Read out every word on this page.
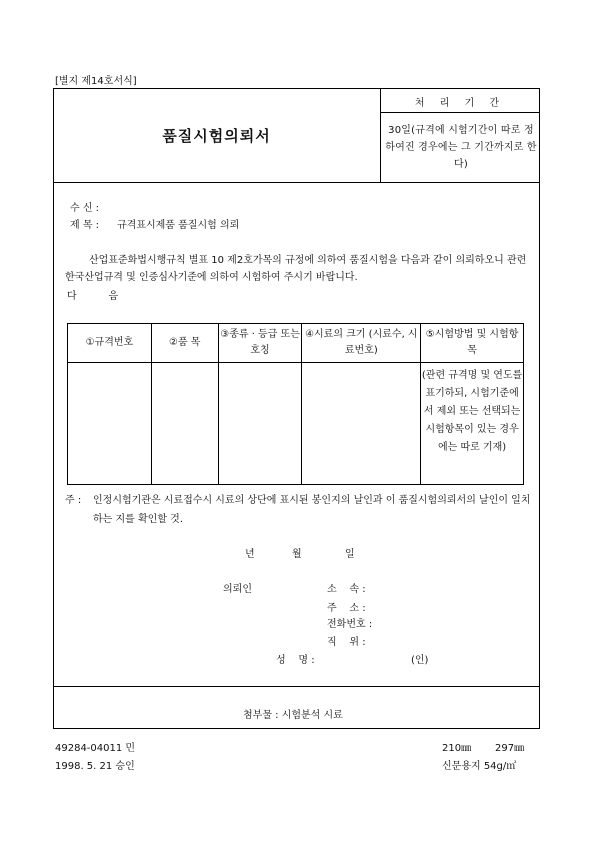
[별지 제14호서식]
품질시험의뢰서
처 리 기 간
30일(규격에 시험기간이 따로 정하여진 경우에는 그 기간까지로 한다)
수 신 :
제 목 : 규격표시제품 품질시험 의뢰
산업표준화법시행규칙 별표 10 제2호가목의 규정에 의하여 품질시험을 다음과 같이 의뢰하오니 관련 한국산업규격 및 인증심사기준에 의하여 시험하여 주시기 바랍니다.
다          음
①규격번호	②품 목	③종류 · 등급 또는 호칭	④시료의 크기 (시료수, 시료번호)	⑤시험방법 및 시험항목
				(관련 규격명 및 연도를 표기하되, 시험기준에서 제외 또는 선택되는 시험항목이 있는 경우에는 따로 기재)
주 :	인정시험기관은 시료접수시 시료의 상단에 표시된 봉인지의 날인과 이 품질시험의뢰서의 날인이 일치하는 지를 확인할 것.
년	월	일
의뢰인	소    속 :
주    소 :
전화번호 :
직    위 :
성    명 :	(인)
첨부물 : 시험분석 시료
49284-04011 민
1998. 5. 21 승인
210㎜ 297㎜
신문용지 54g/㎡
